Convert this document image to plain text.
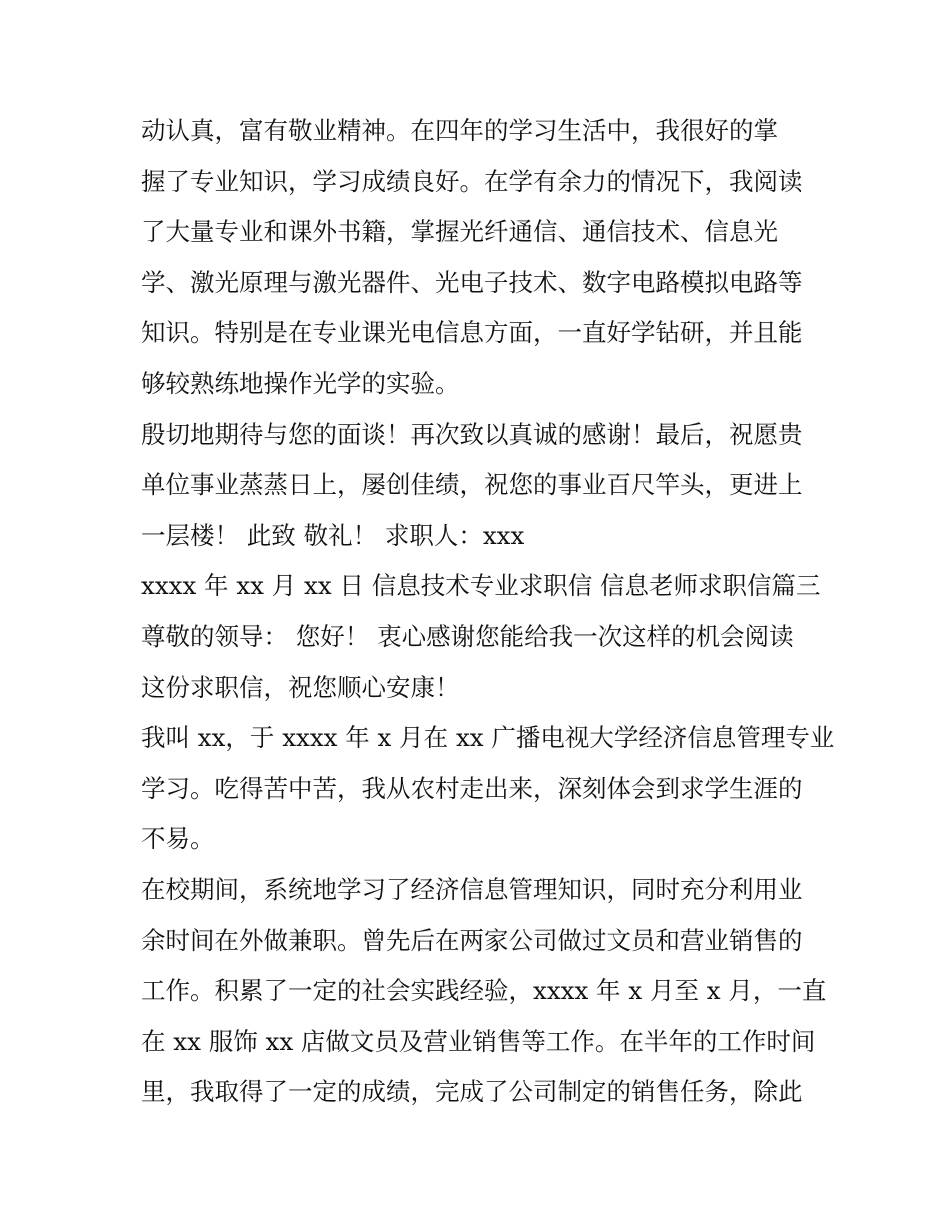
动认真，富有敬业精神。在四年的学习生活中，我很好的掌
握了专业知识，学习成绩良好。在学有余力的情况下，我阅读
了大量专业和课外书籍，掌握光纤通信、通信技术、信息光
学、激光原理与激光器件、光电子技术、数字电路模拟电路等
知识。特别是在专业课光电信息方面，一直好学钻研，并且能
够较熟练地操作光学的实验。
殷切地期待与您的面谈！再次致以真诚的感谢！最后，祝愿贵
单位事业蒸蒸日上，屡创佳绩，祝您的事业百尺竿头，更进上
一层楼！ 此致 敬礼！ 求职人：xxx
xxxx 年 xx 月 xx 日 信息技术专业求职信 信息老师求职信篇三
尊敬的领导： 您好！ 衷心感谢您能给我一次这样的机会阅读
这份求职信，祝您顺心安康！
我叫 xx，于 xxxx 年 x 月在 xx 广播电视大学经济信息管理专业
学习。吃得苦中苦，我从农村走出来，深刻体会到求学生涯的
不易。
在校期间，系统地学习了经济信息管理知识，同时充分利用业
余时间在外做兼职。曾先后在两家公司做过文员和营业销售的
工作。积累了一定的社会实践经验，xxxx 年 x 月至 x 月，一直
在 xx 服饰 xx 店做文员及营业销售等工作。在半年的工作时间
里，我取得了一定的成绩，完成了公司制定的销售任务，除此
